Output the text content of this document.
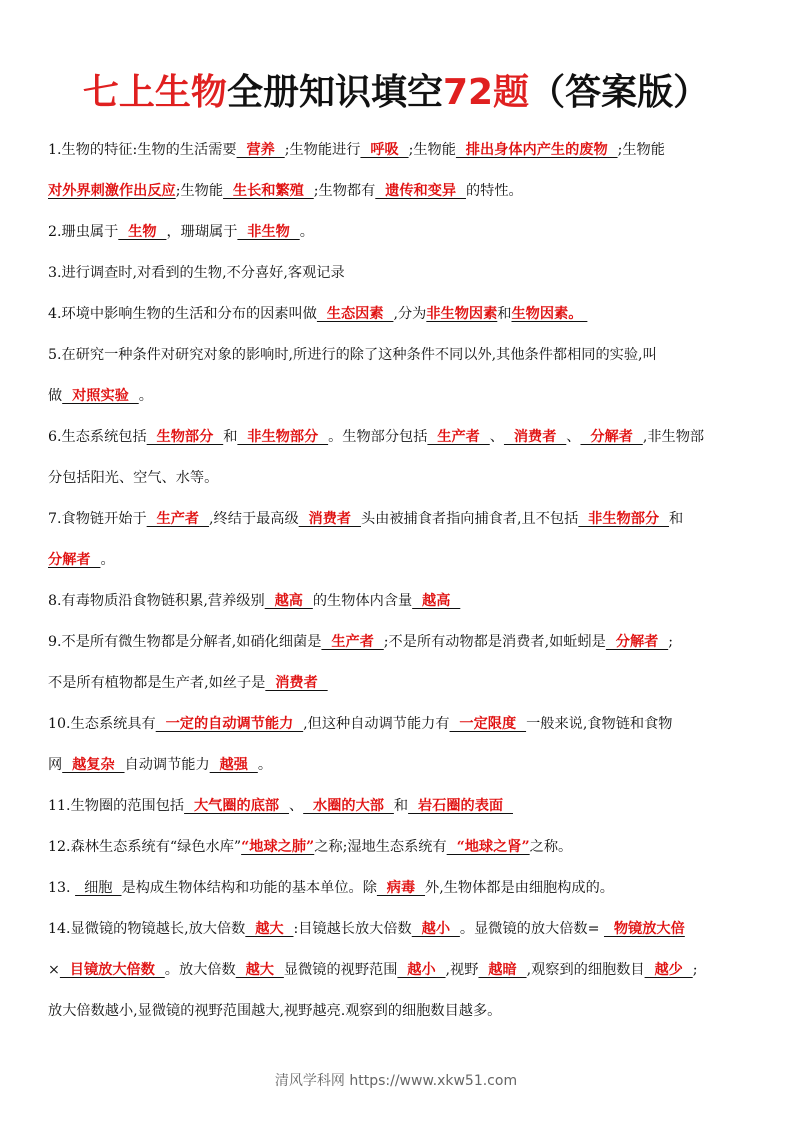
七上生物全册知识填空72题（答案版）
1.生物的特征:生物的生活需要  营养  ;生物能进行  呼吸  ;生物能  排出身体内产生的废物  ;生物能
对外界刺激作出反应;生物能  生长和繁殖  ;生物都有  遗传和变异  的特性。
2.珊虫属于  生物  ，珊瑚属于  非生物  。
3.进行调查时,对看到的生物,不分喜好,客观记录
4.环境中影响生物的生活和分布的因素叫做  生态因素  ,分为非生物因素和生物因素。
5.在研究一种条件对研究对象的影响时,所进行的除了这种条件不同以外,其他条件都相同的实验,叫
做  对照实验  。
6.生态系统包括  生物部分  和  非生物部分  。生物部分包括  生产者  、  消费者  、  分解者  ,非生物部
分包括阳光、空气、水等。
7.食物链开始于  生产者  ,终结于最高级  消费者  头由被捕食者指向捕食者,且不包括  非生物部分  和
分解者  。
8.有毒物质沿食物链积累,营养级别  越高  的生物体内含量  越高
9.不是所有微生物都是分解者,如硝化细菌是  生产者  ;不是所有动物都是消费者,如蚯蚓是  分解者  ;
不是所有植物都是生产者,如丝子是  消费者
10.生态系统具有  一定的自动调节能力  ,但这种自动调节能力有  一定限度  一般来说,食物链和食物
网  越复杂  自动调节能力  越强  。
11.生物圈的范围包括  大气圈的底部  、  水圈的大部  和  岩石圈的表面
12.森林生态系统有“绿色水库”“地球之肺”之称;湿地生态系统有  “地球之肾”之称。
13.   细胞  是构成生物体结构和功能的基本单位。除  病毒  外,生物体都是由细胞构成的。
14.显微镜的物镜越长,放大倍数  越大  :目镜越长放大倍数  越小  。显微镜的放大倍数=   物镜放大倍
×  目镜放大倍数  。放大倍数  越大  显微镜的视野范围  越小  ,视野  越暗  ,观察到的细胞数目  越少  ;
放大倍数越小,显微镜的视野范围越大,视野越亮.观察到的细胞数目越多。
清风学科网 https://www.xkw51.com
